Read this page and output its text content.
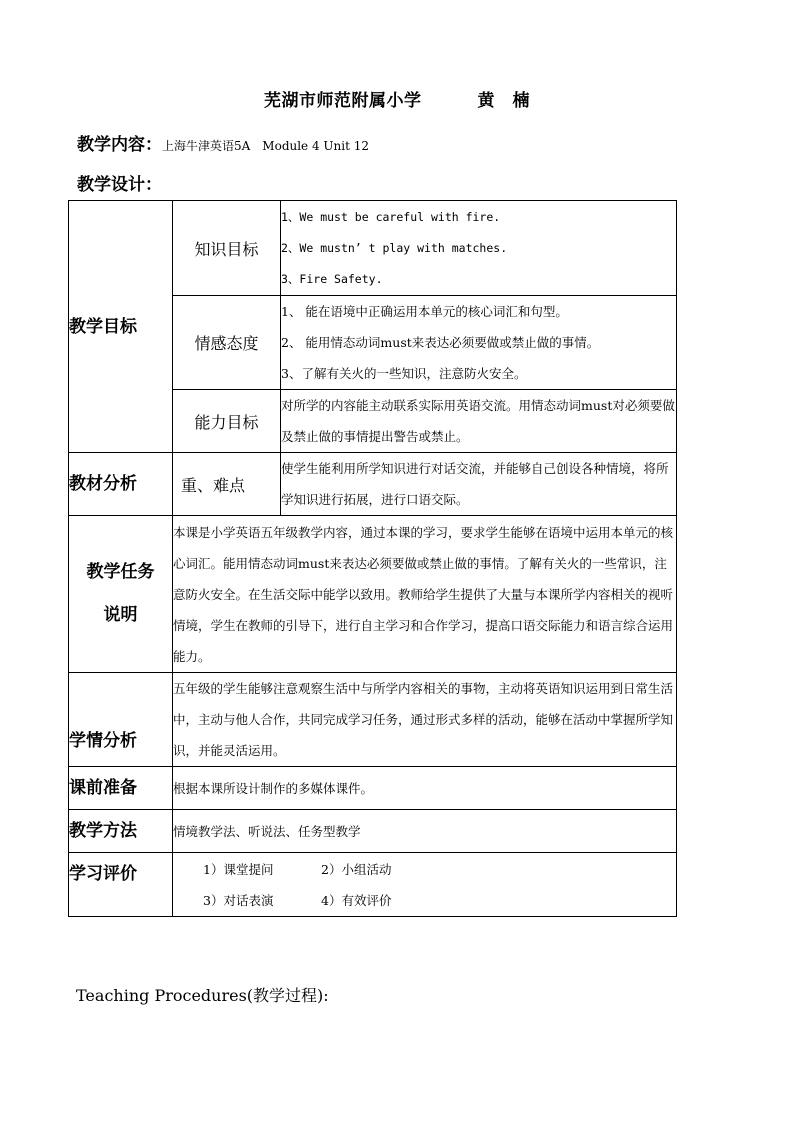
芜湖市师范附属小学	黄　楠
教学内容：上海牛津英语5A　Module 4 Unit 12
教学设计：
教学目标	知识目标	1、We must be careful with fire.
2、We mustn’ t play with matches.
3、Fire Safety.

	情感态度	1、 能在语境中正确运用本单元的核心词汇和句型。
2、 能用情态动词must来表达必须要做或禁止做的事情。
3、了解有关火的一些知识，注意防火安全。

	能力目标	对所学的内容能主动联系实际用英语交流。用情态动词must对必须要做及禁止做的事情提出警告或禁止。
教材分析	重、难点	使学生能利用所学知识进行对话交流，并能够自己创设各种情境，将所学知识进行拓展，进行口语交际。

教学任务
说明	本课是小学英语五年级教学内容，通过本课的学习，要求学生能够在语境中运用本单元的核心词汇。能用情态动词must来表达必须要做或禁止做的事情。了解有关火的一些常识，注意防火安全。在生活交际中能学以致用。教师给学生提供了大量与本课所学内容相关的视听情境，学生在教师的引导下，进行自主学习和合作学习，提高口语交际能力和语言综合运用能力。	
学情分析	五年级的学生能够注意观察生活中与所学内容相关的事物，主动将英语知识运用到日常生活中，主动与他人合作，共同完成学习任务，通过形式多样的活动，能够在活动中掌握所学知识，并能灵活运用。	
课前准备	根据本课所设计制作的多媒体课件。	
教学方法	情境教学法、听说法、任务型教学	
学习评价	1）课堂提问 2）小组活动
3）对话表演 4）有效评价	
Teaching Procedures(教学过程):
